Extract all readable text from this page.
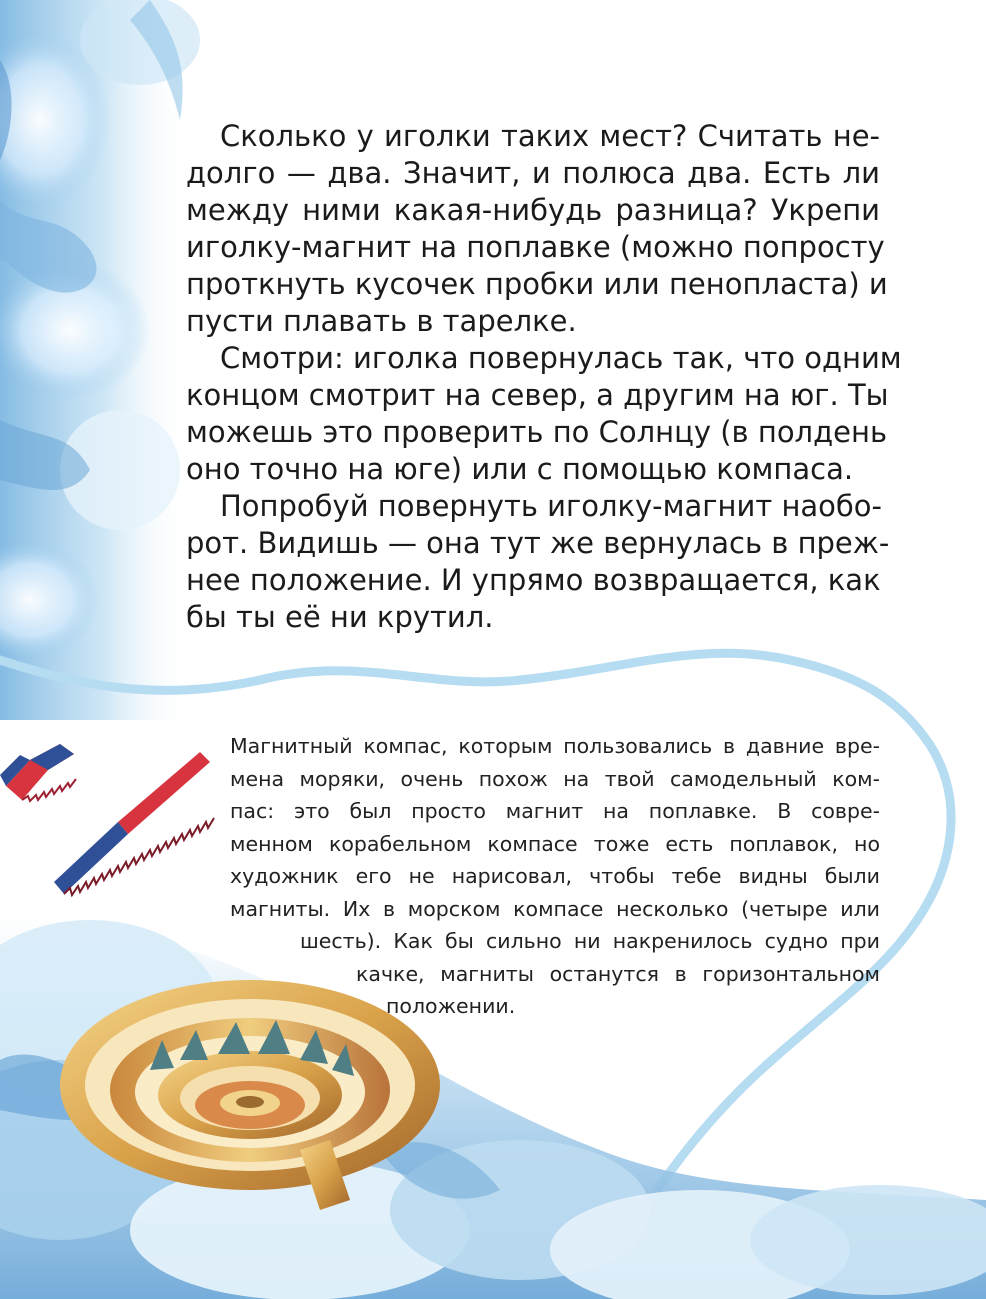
Сколько у иголки таких мест? Считать не-
долго — два. Значит, и полюса два. Есть ли
между ними какая-нибудь разница? Укрепи
иголку-магнит на поплавке (можно попросту
проткнуть кусочек пробки или пенопласта) и
пусти плавать в тарелке.
Смотри: иголка повернулась так, что одним
концом смотрит на север, а другим на юг. Ты
можешь это проверить по Солнцу (в полдень
оно точно на юге) или с помощью компаса.
Попробуй повернуть иголку-магнит наобо-
рот. Видишь — она тут же вернулась в преж-
нее положение. И упрямо возвращается, как
бы ты её ни крутил.
Магнитный компас, которым пользовались в давние вре-
мена моряки, очень похож на твой самодельный ком-
пас: это был просто магнит на поплавке. В совре-
менном корабельном компасе тоже есть поплавок, но
художник его не нарисовал, чтобы тебе видны были
магниты. Их в морском компасе несколько (четыре или
шесть). Как бы сильно ни накренилось судно при
качке, магниты останутся в горизонтальном
положении.
